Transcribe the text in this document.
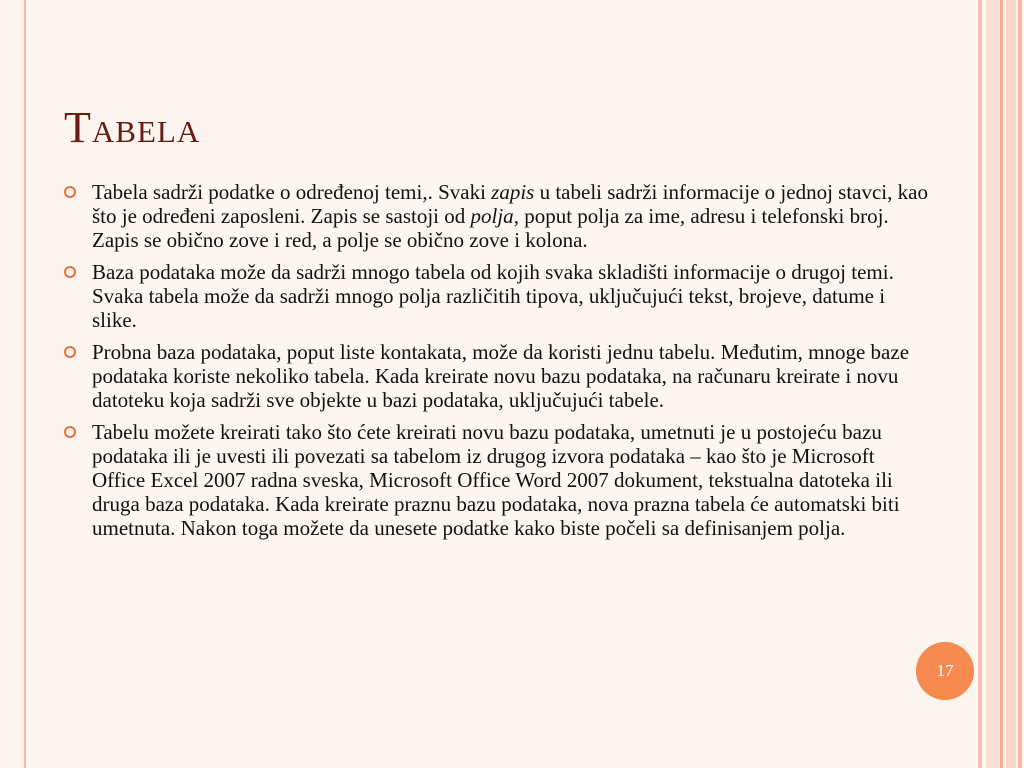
Tabela
Tabela sadrži podatke o određenoj temi,. Svaki zapis u tabeli sadrži informacije o jednoj stavci, kao što je određeni zaposleni. Zapis se sastoji od polja, poput polja za ime, adresu i telefonski broj. Zapis se obično zove i red, a polje se obično zove i kolona.
Baza podataka može da sadrži mnogo tabela od kojih svaka skladišti informacije o drugoj temi. Svaka tabela može da sadrži mnogo polja različitih tipova, uključujući tekst, brojeve, datume i slike.
Probna baza podataka, poput liste kontakata, može da koristi jednu tabelu. Međutim, mnoge baze podataka koriste nekoliko tabela. Kada kreirate novu bazu podataka, na računaru kreirate i novu datoteku koja sadrži sve objekte u bazi podataka, uključujući tabele.
Tabelu možete kreirati tako što ćete kreirati novu bazu podataka, umetnuti je u postojeću bazu podataka ili je uvesti ili povezati sa tabelom iz drugog izvora podataka – kao što je Microsoft Office Excel 2007 radna sveska, Microsoft Office Word 2007 dokument, tekstualna datoteka ili druga baza podataka. Kada kreirate praznu bazu podataka, nova prazna tabela će automatski biti umetnuta. Nakon toga možete da unesete podatke kako biste počeli sa definisanjem polja.
17
